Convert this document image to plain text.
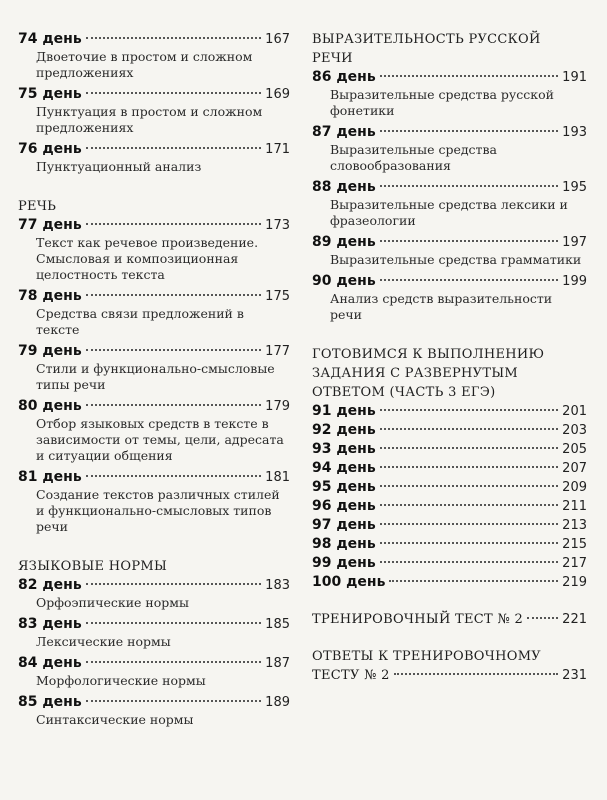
74 день	167
Двоеточие в простом и сложном предложениях
75 день	169
Пунктуация в простом и сложном предложениях
76 день	171
Пунктуационный анализ
РЕЧЬ
77 день	173
Текст как речевое произведение. Смысловая и композиционная целостность текста
78 день	175
Средства связи предложений в тексте
79 день	177
Стили и функционально-смысловые типы речи
80 день	179
Отбор языковых средств в тексте в зависимости от темы, цели, адресата и ситуации общения
81 день	181
Создание текстов различных стилей и функционально-смысловых типов речи
ЯЗЫКОВЫЕ НОРМЫ
82 день	183
Орфоэпические нормы
83 день	185
Лексические нормы
84 день	187
Морфологические нормы
85 день	189
Синтаксические нормы
ВЫРАЗИТЕЛЬНОСТЬ РУССКОЙ РЕЧИ
86 день	191
Выразительные средства русской фонетики
87 день	193
Выразительные средства словообразования
88 день	195
Выразительные средства лексики и фразеологии
89 день	197
Выразительные средства грамматики
90 день	199
Анализ средств выразительности речи
ГОТОВИМСЯ К ВЫПОЛНЕНИЮ ЗАДАНИЯ С РАЗВЕРНУТЫМ ОТВЕТОМ (ЧАСТЬ 3 ЕГЭ)
91 день	201
92 день	203
93 день	205
94 день	207
95 день	209
96 день	211
97 день	213
98 день	215
99 день	217
100 день	219
ТРЕНИРОВОЧНЫЙ ТЕСТ № 2	221
ОТВЕТЫ К ТРЕНИРОВОЧНОМУ
ТЕСТУ № 2	231
